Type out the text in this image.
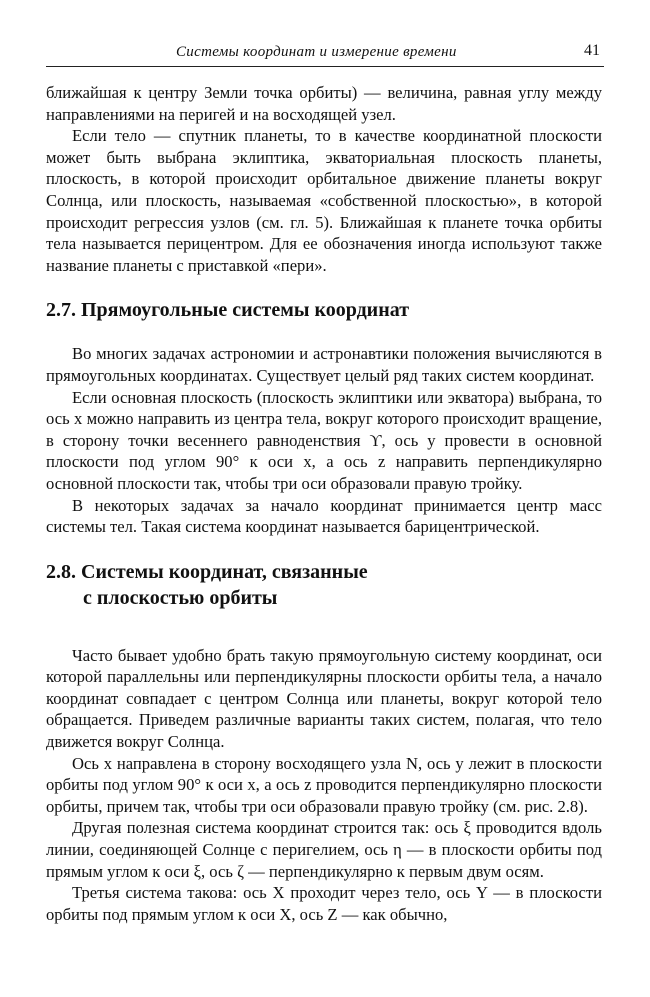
Системы координат и измерение времени	41

ближайшая к центру Земли точка орбиты) — величина, равная углу между направлениями на перигей и на восходящей узел.

Если тело — спутник планеты, то в качестве координатной плоскости может быть выбрана эклиптика, экваториальная плоскость планеты, плоскость, в которой происходит орбитальное движение планеты вокруг Солнца, или плоскость, называемая «собственной плоскостью», в которой происходит регрессия узлов (см. гл. 5). Ближайшая к планете точка орбиты тела называется перицентром. Для ее обозначения иногда используют также название планеты с приставкой «пери».

2.7. Прямоугольные системы координат

Во многих задачах астрономии и астронавтики положения вычисляются в прямоугольных координатах. Существует целый ряд таких систем координат.

Если основная плоскость (плоскость эклиптики или экватора) выбрана, то ось x можно направить из центра тела, вокруг которого происходит вращение, в сторону точки весеннего равноденствия ϒ, ось y провести в основной плоскости под углом 90° к оси x, а ось z направить перпендикулярно основной плоскости так, чтобы три оси образовали правую тройку.

В некоторых задачах за начало координат принимается центр масс системы тел. Такая система координат называется барицентрической.

2.8. Системы координат, связанные
с плоскостью орбиты

Часто бывает удобно брать такую прямоугольную систему координат, оси которой параллельны или перпендикулярны плоскости орбиты тела, а начало координат совпадает с центром Солнца или планеты, вокруг которой тело обращается. Приведем различные варианты таких систем, полагая, что тело движется вокруг Солнца.

Ось x направлена в сторону восходящего узла N, ось y лежит в плоскости орбиты под углом 90° к оси x, а ось z проводится перпендикулярно плоскости орбиты, причем так, чтобы три оси образовали правую тройку (см. рис. 2.8).

Другая полезная система координат строится так: ось ξ проводится вдоль линии, соединяющей Солнце с перигелием, ось η — в плоскости орбиты под прямым углом к оси ξ, ось ζ — перпендикулярно к первым двум осям.

Третья система такова: ось X проходит через тело, ось Y — в плоскости орбиты под прямым углом к оси X, ось Z — как обычно,
